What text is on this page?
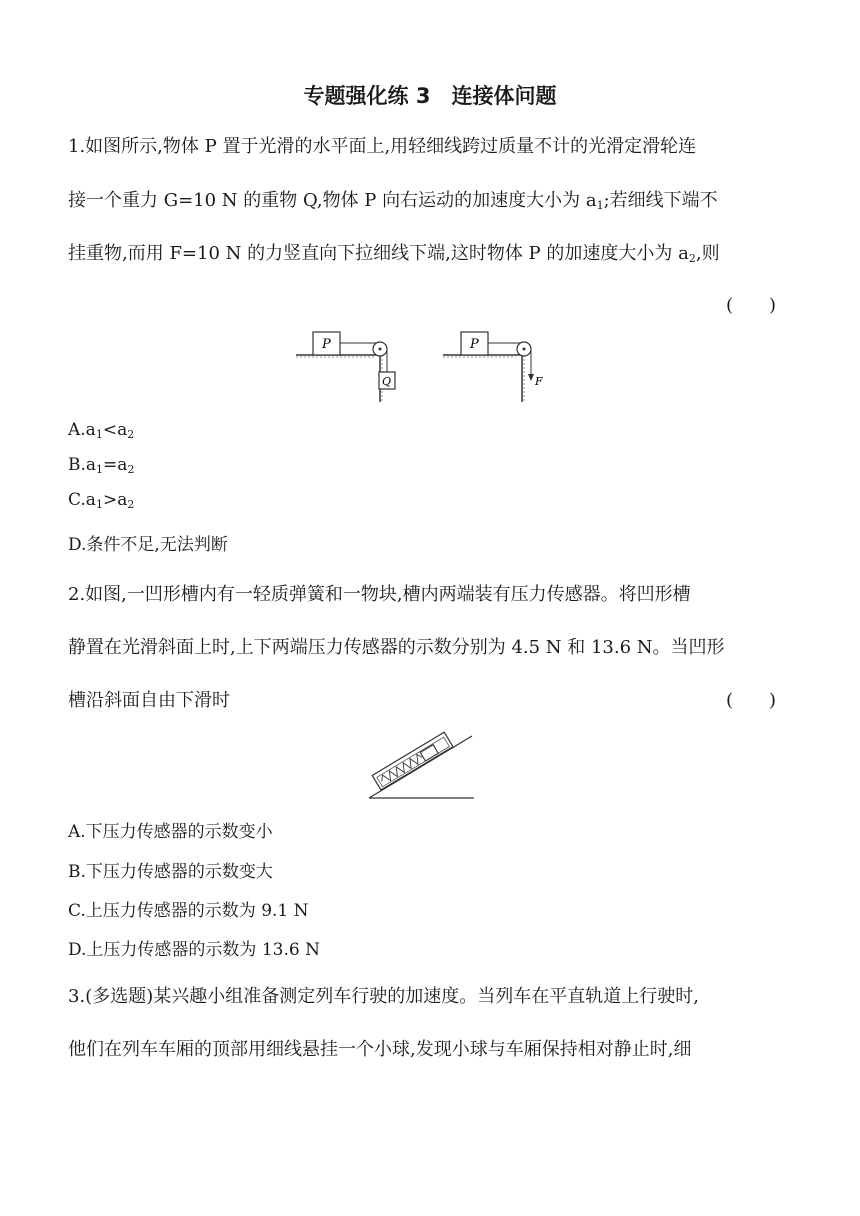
专题强化练 3　连接体问题
1.如图所示,物体 P 置于光滑的水平面上,用轻细线跨过质量不计的光滑定滑轮连
接一个重力 G=10 N 的重物 Q,物体 P 向右运动的加速度大小为 $a_1$;若细线下端不
挂重物,而用 F=10 N 的力竖直向下拉细线下端,这时物体 P 的加速度大小为 $a_2$,则
(　　)
P
Q
P
F
$A.a_1<a_2$
$B.a_1=a_2$
$C.a_1>a_2$
D.条件不足,无法判断
2.如图,一凹形槽内有一轻质弹簧和一物块,槽内两端装有压力传感器。将凹形槽
静置在光滑斜面上时,上下两端压力传感器的示数分别为 4.5 N 和 13.6 N。当凹形
槽沿斜面自由下滑时	(　　)
A.下压力传感器的示数变小
B.下压力传感器的示数变大
C.上压力传感器的示数为 9.1 N
D.上压力传感器的示数为 13.6 N
3.(多选题)某兴趣小组准备测定列车行驶的加速度。当列车在平直轨道上行驶时,
他们在列车车厢的顶部用细线悬挂一个小球,发现小球与车厢保持相对静止时,细
